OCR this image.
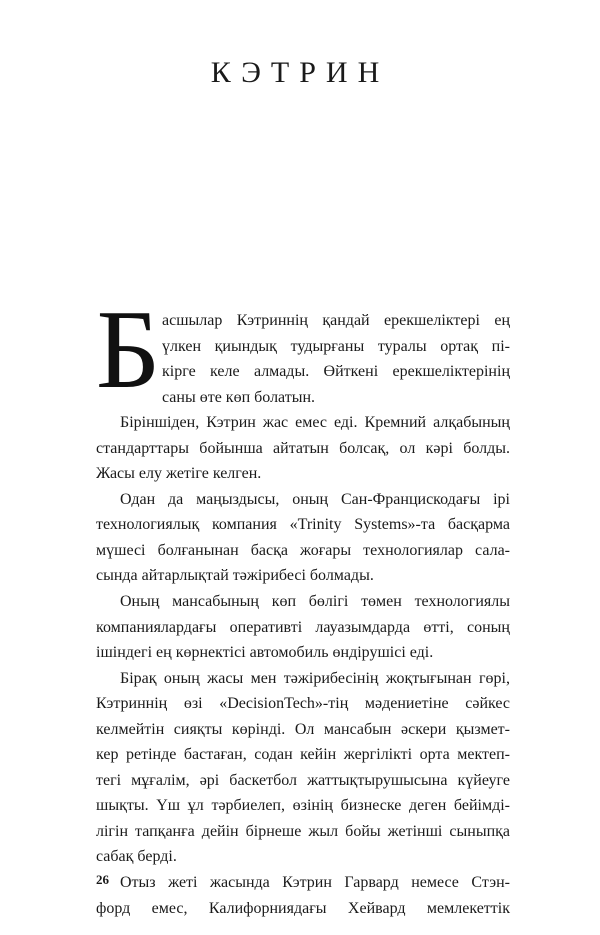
КЭТРИН
Б асшылар Кэтриннің қандай ерекшеліктері ең
үлкен қиындық тудырғаны туралы ортақ пі-
кірге келе алмады. Өйткені ерекшеліктерінің
саны өте көп болатын.
Біріншіден, Кэтрин жас емес еді. Кремний алқабының
стандарттары бойынша айтатын болсақ, ол кәрі болды.
Жасы елу жетіге келген.
Одан да маңыздысы, оның Сан-Францискодағы ірі
технологиялық компания «Trinity Systems»-та басқарма
мүшесі болғанынан басқа жоғары технологиялар сала-
сында айтарлықтай тәжірибесі болмады.
Оның мансабының көп бөлігі төмен технологиялы
компаниялардағы оперативті лауазымдарда өтті, соның
ішіндегі ең көрнектісі автомобиль өндірушісі еді.
Бірақ оның жасы мен тәжірибесінің жоқтығынан гөрі,
Кэтриннің өзі «DecisionTech»-тің мәдениетіне сәйкес
келмейтін сияқты көрінді. Ол мансабын әскери қызмет-
кер ретінде бастаған, содан кейін жергілікті орта мектеп-
тегі мұғалім, әрі баскетбол жаттықтырушысына күйеуге
шықты. Үш ұл тәрбиелеп, өзінің бизнеске деген бейімді-
лігін тапқанға дейін бірнеше жыл бойы жетінші сыныпқа
сабақ берді.
Отыз жеті жасында Кэтрин Гарвард немесе Стэн-
форд емес, Калифорниядағы Хейвард мемлекеттік
26
